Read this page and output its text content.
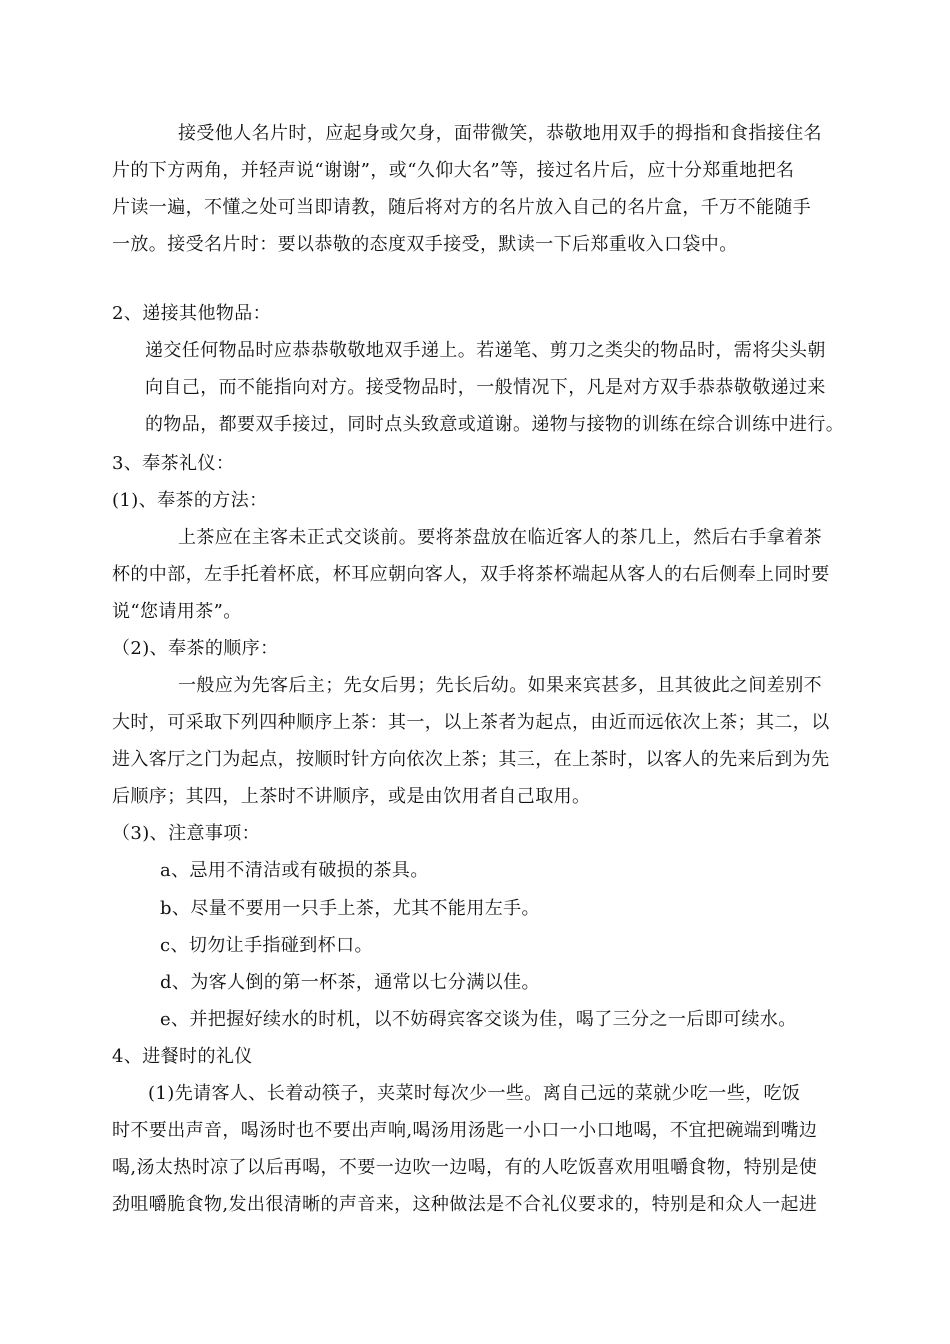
接受他人名片时，应起身或欠身，面带微笑，恭敬地用双手的拇指和食指接住名
片的下方两角，并轻声说“谢谢”，或“久仰大名”等，接过名片后，应十分郑重地把名
片读一遍，不懂之处可当即请教，随后将对方的名片放入自己的名片盒，千万不能随手
一放。接受名片时：要以恭敬的态度双手接受，默读一下后郑重收入口袋中。
2、递接其他物品：
递交任何物品时应恭恭敬敬地双手递上。若递笔、剪刀之类尖的物品时，需将尖头朝
向自己，而不能指向对方。接受物品时，一般情况下，凡是对方双手恭恭敬敬递过来
的物品，都要双手接过，同时点头致意或道谢。递物与接物的训练在综合训练中进行。
3、奉茶礼仪：
(1)、奉茶的方法：
上茶应在主客未正式交谈前。要将茶盘放在临近客人的茶几上，然后右手拿着茶
杯的中部，左手托着杯底，杯耳应朝向客人，双手将茶杯端起从客人的右后侧奉上同时要
说“您请用茶”。
（2)、奉茶的顺序：
一般应为先客后主；先女后男；先长后幼。如果来宾甚多，且其彼此之间差别不
大时，可采取下列四种顺序上茶：其一，以上茶者为起点，由近而远依次上茶；其二，以
进入客厅之门为起点，按顺时针方向依次上茶；其三，在上茶时，以客人的先来后到为先
后顺序；其四，上茶时不讲顺序，或是由饮用者自己取用。
（3)、注意事项：
a、忌用不清洁或有破损的茶具。
b、尽量不要用一只手上茶，尤其不能用左手。
c、切勿让手指碰到杯口。
d、为客人倒的第一杯茶，通常以七分满以佳。
e、并把握好续水的时机，以不妨碍宾客交谈为佳，喝了三分之一后即可续水。
4、进餐时的礼仪
(1)先请客人、长着动筷子，夹菜时每次少一些。离自己远的菜就少吃一些，吃饭
时不要出声音，喝汤时也不要出声响,喝汤用汤匙一小口一小口地喝，不宜把碗端到嘴边
喝,汤太热时凉了以后再喝，不要一边吹一边喝，有的人吃饭喜欢用咀嚼食物，特别是使
劲咀嚼脆食物,发出很清晰的声音来，这种做法是不合礼仪要求的，特别是和众人一起进
